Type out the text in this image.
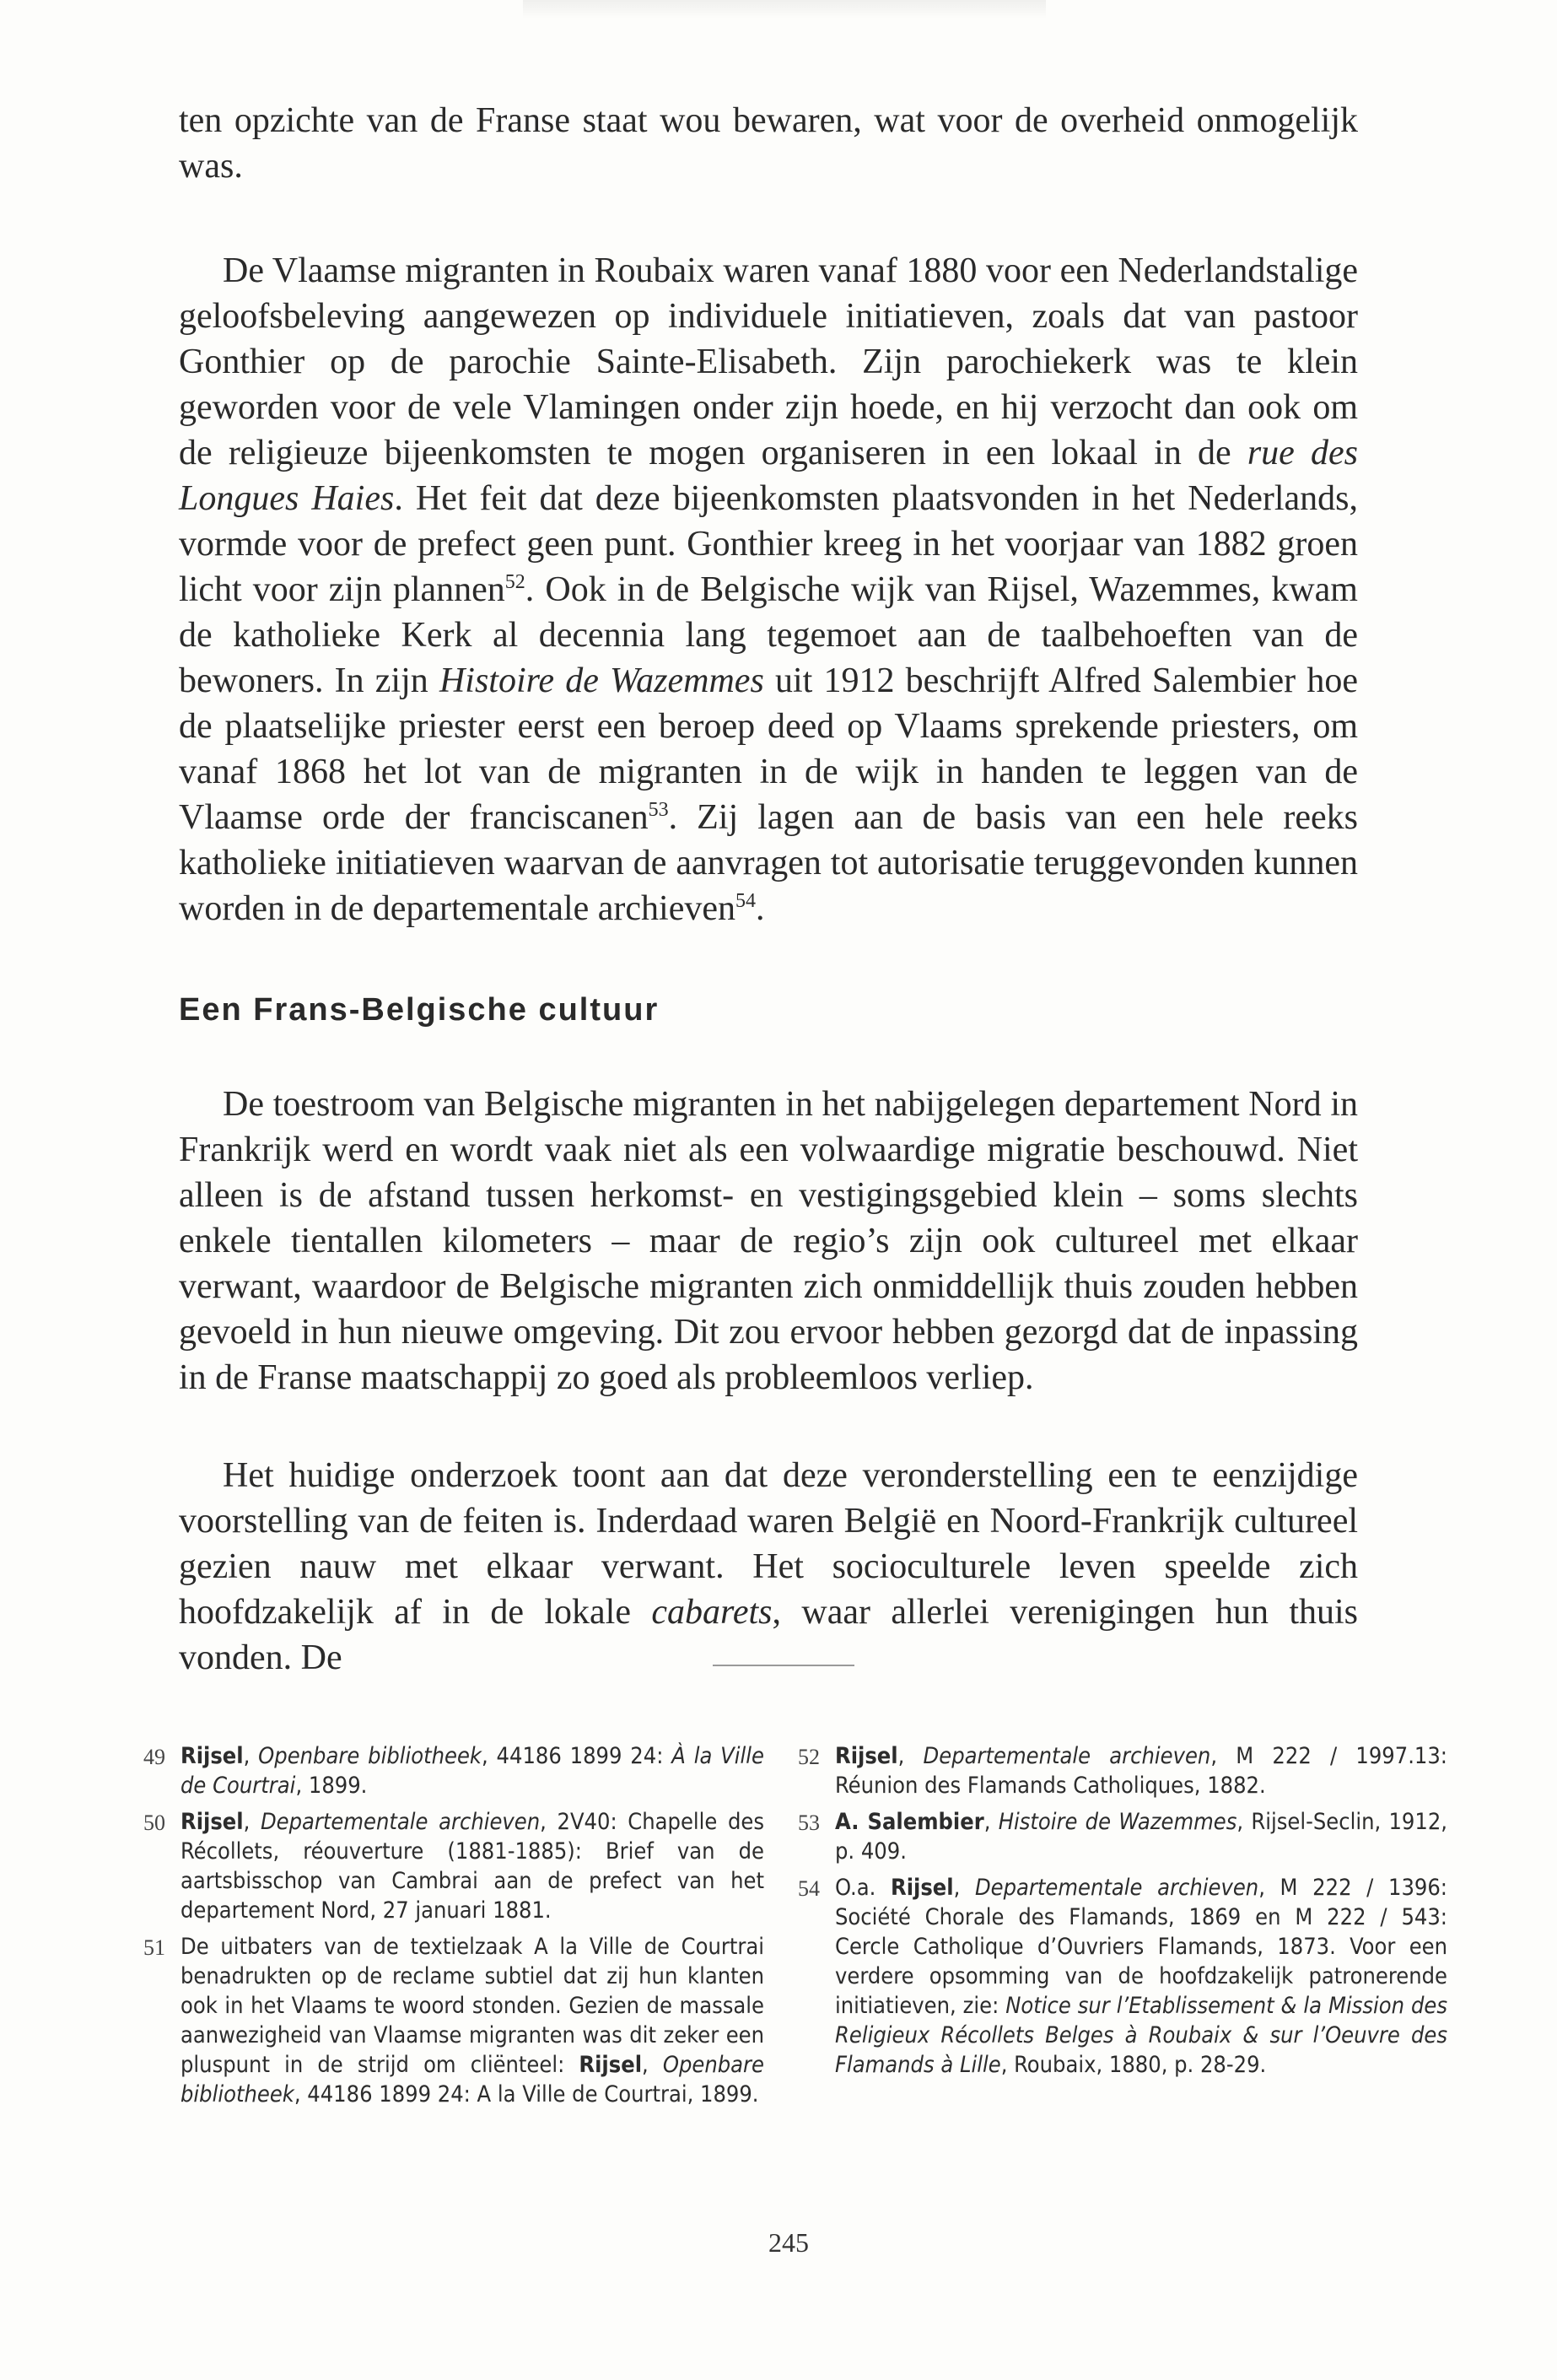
ten opzichte van de Franse staat wou bewaren, wat voor de overheid onmogelijk was.

De Vlaamse migranten in Roubaix waren vanaf 1880 voor een Nederlandstalige geloofsbeleving aangewezen op individuele initiatieven, zoals dat van pastoor Gonthier op de parochie Sainte-Elisabeth. Zijn parochiekerk was te klein geworden voor de vele Vlamingen onder zijn hoede, en hij verzocht dan ook om de religieuze bijeenkomsten te mogen organiseren in een lokaal in de rue des Longues Haies. Het feit dat deze bijeenkomsten plaatsvonden in het Nederlands, vormde voor de prefect geen punt. Gonthier kreeg in het voorjaar van 1882 groen licht voor zijn plannen$^{52}$. Ook in de Belgische wijk van Rijsel, Wazemmes, kwam de katholieke Kerk al decennia lang tegemoet aan de taalbehoeften van de bewoners. In zijn Histoire de Wazemmes uit 1912 beschrijft Alfred Salembier hoe de plaatselijke priester eerst een beroep deed op Vlaams sprekende priesters, om vanaf 1868 het lot van de migranten in de wijk in handen te leggen van de Vlaamse orde der franciscanen$^{53}$. Zij lagen aan de basis van een hele reeks katholieke initiatieven waarvan de aanvragen tot autorisatie teruggevonden kunnen worden in de departementale archieven$^{54}$.

Een Frans-Belgische cultuur

De toestroom van Belgische migranten in het nabijgelegen departement Nord in Frankrijk werd en wordt vaak niet als een volwaardige migratie beschouwd. Niet alleen is de afstand tussen herkomst- en vestigingsgebied klein – soms slechts enkele tientallen kilometers – maar de regio’s zijn ook cultureel met elkaar verwant, waardoor de Belgische migranten zich onmiddellijk thuis zouden hebben gevoeld in hun nieuwe omgeving. Dit zou ervoor hebben gezorgd dat de inpassing in de Franse maatschappij zo goed als probleemloos verliep.

Het huidige onderzoek toont aan dat deze veronderstelling een te eenzijdige voorstelling van de feiten is. Inderdaad waren België en Noord-Frankrijk cultureel gezien nauw met elkaar verwant. Het socioculturele leven speelde zich hoofdzakelijk af in de lokale cabarets, waar allerlei verenigingen hun thuis vonden. De

49 Rijsel, Openbare bibliotheek, 44186 1899 24: À la Ville de Courtrai, 1899.

50 Rijsel, Departementale archieven, 2V40: Chapelle des Récollets, réouverture (1881-1885): Brief van de aartsbisschop van Cambrai aan de prefect van het departement Nord, 27 januari 1881.

51 De uitbaters van de textielzaak A la Ville de Courtrai benadrukten op de reclame subtiel dat zij hun klanten ook in het Vlaams te woord stonden. Gezien de massale aanwezigheid van Vlaamse migranten was dit zeker een pluspunt in de strijd om cliënteel: Rijsel, Openbare bibliotheek, 44186 1899 24: A la Ville de Courtrai, 1899.

52 Rijsel, Departementale archieven, M 222 / 1997.13: Réunion des Flamands Catholiques, 1882.

53 A. Salembier, Histoire de Wazemmes, Rijsel-Seclin, 1912, p. 409.

54 O.a. Rijsel, Departementale archieven, M 222 / 1396: Société Chorale des Flamands, 1869 en M 222 / 543: Cercle Catholique d’Ouvriers Flamands, 1873. Voor een verdere opsomming van de hoofdzakelijk patronerende initiatieven, zie: Notice sur l’Etablissement & la Mission des Religieux Récollets Belges à Roubaix & sur l’Oeuvre des Flamands à Lille, Roubaix, 1880, p. 28-29.

245
